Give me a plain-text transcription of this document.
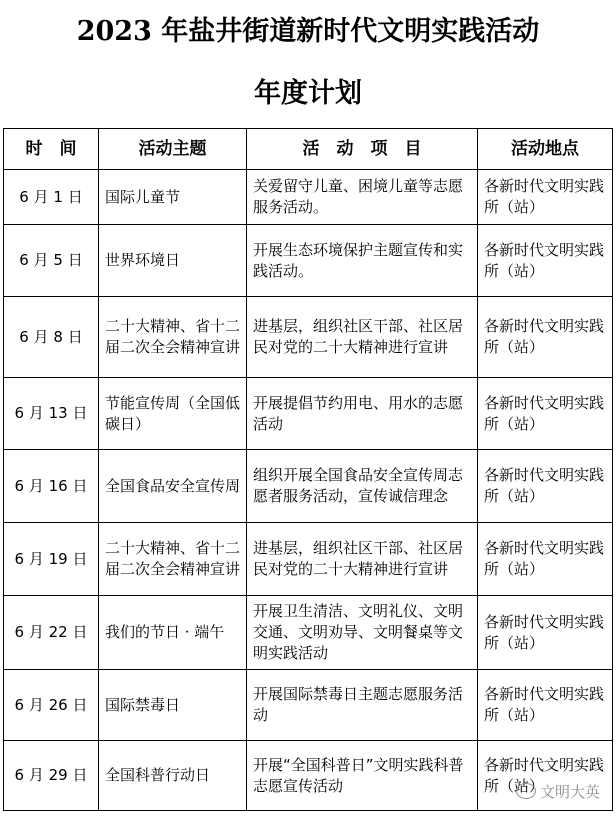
2023 年盐井街道新时代文明实践活动
年度计划
时　间	活动主题	活　动　项　目	活动地点
6 月 1 日	国际儿童节	关爱留守儿童、困境儿童等志愿服务活动。	各新时代文明实践所（站）
6 月 5 日	世界环境日	开展生态环境保护主题宣传和实践活动。	各新时代文明实践所（站）
6 月 8 日	二十大精神、省十二届二次全会精神宣讲	进基层，组织社区干部、社区居民对党的二十大精神进行宣讲	各新时代文明实践所（站）
6 月 13 日	节能宣传周（全国低碳日）	开展提倡节约用电、用水的志愿活动	各新时代文明实践所（站）
6 月 16 日	全国食品安全宣传周	组织开展全国食品安全宣传周志愿者服务活动，宣传诚信理念	各新时代文明实践所（站）
6 月 19 日	二十大精神、省十二届二次全会精神宣讲	进基层，组织社区干部、社区居民对党的二十大精神进行宣讲	各新时代文明实践所（站）
6 月 22 日	我们的节日 · 端午	开展卫生清洁、文明礼仪、文明交通、文明劝导、文明餐桌等文明实践活动	各新时代文明实践所（站）
6 月 26 日	国际禁毒日	开展国际禁毒日主题志愿服务活动	各新时代文明实践所（站）
6 月 29 日	全国科普行动日	开展“全国科普日”文明实践科普志愿宣传活动	各新时代文明实践所（站）
文明大英
